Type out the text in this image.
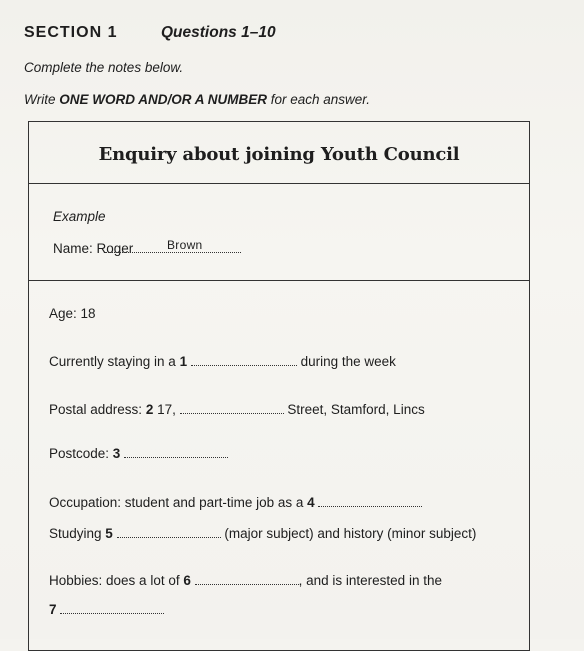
SECTION 1	Questions 1–10
Complete the notes below.
Write ONE WORD AND/OR A NUMBER for each answer.
Enquiry about joining Youth Council
Example
Name: Roger	Brown
Age: 18
Currently staying in a 1	during the week
Postal address: 2 17,	Street, Stamford, Lincs
Postcode: 3
Occupation: student and part-time job as a 4
Studying 5	(major subject) and history (minor subject)
Hobbies: does a lot of 6	, and is interested in the
7
